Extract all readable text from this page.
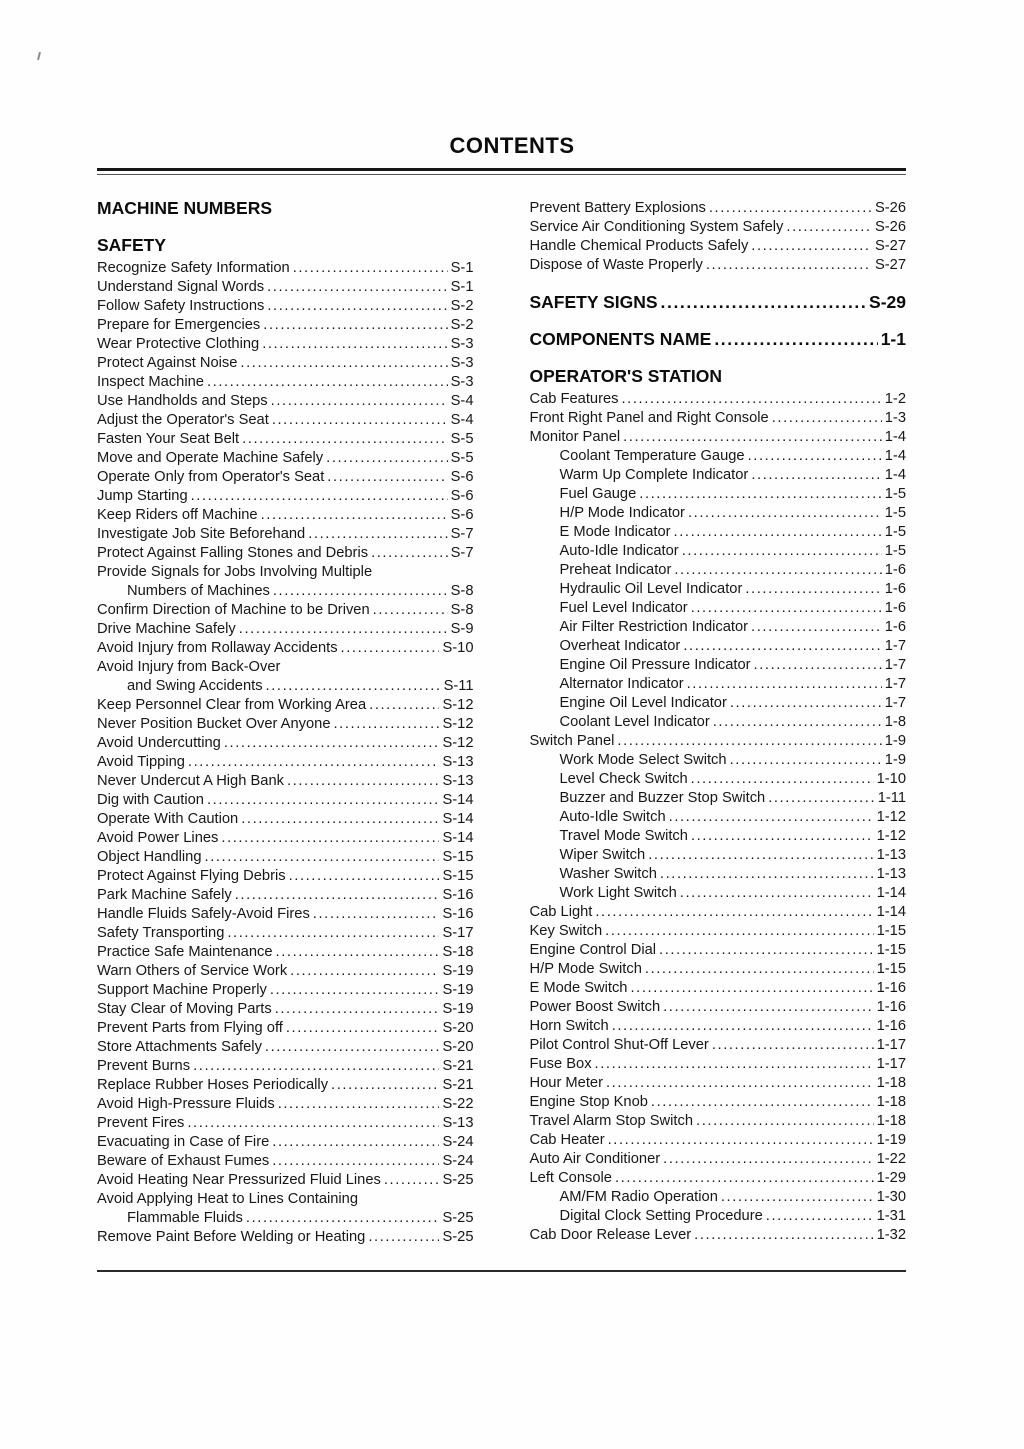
CONTENTS
MACHINE NUMBERS
SAFETY
Recognize Safety Information .....	S-1
Understand Signal Words .....	S-1
Follow Safety Instructions .....	S-2
Prepare for Emergencies .....	S-2
Wear Protective Clothing .....	S-3
Protect Against Noise .....	S-3
Inspect Machine .....	S-3
Use Handholds and Steps .....	S-4
Adjust the Operator's Seat .....	S-4
Fasten Your Seat Belt .....	S-5
Move and Operate Machine Safely .....	S-5
Operate Only from Operator's Seat .....	S-6
Jump Starting .....	S-6
Keep Riders off Machine .....	S-6
Investigate Job Site Beforehand .....	S-7
Protect Against Falling Stones and Debris .....	S-7
Provide Signals for Jobs Involving Multiple
Numbers of Machines .....	S-8
Confirm Direction of Machine to be Driven .....	S-8
Drive Machine Safely .....	S-9
Avoid Injury from Rollaway Accidents .....	S-10
Avoid Injury from Back-Over
and Swing Accidents .....	S-11
Keep Personnel Clear from Working Area .....	S-12
Never Position Bucket Over Anyone .....	S-12
Avoid Undercutting .....	S-12
Avoid Tipping .....	S-13
Never Undercut A High Bank .....	S-13
Dig with Caution .....	S-14
Operate With Caution .....	S-14
Avoid Power Lines .....	S-14
Object Handling .....	S-15
Protect Against Flying Debris .....	S-15
Park Machine Safely .....	S-16
Handle Fluids Safely-Avoid Fires .....	S-16
Safety Transporting .....	S-17
Practice Safe Maintenance .....	S-18
Warn Others of Service Work .....	S-19
Support Machine Properly .....	S-19
Stay Clear of Moving Parts .....	S-19
Prevent Parts from Flying off .....	S-20
Store Attachments Safely .....	S-20
Prevent Burns .....	S-21
Replace Rubber Hoses Periodically .....	S-21
Avoid High-Pressure Fluids .....	S-22
Prevent Fires .....	S-13
Evacuating in Case of Fire .....	S-24
Beware of Exhaust Fumes .....	S-24
Avoid Heating Near Pressurized Fluid Lines .....	S-25
Avoid Applying Heat to Lines Containing
Flammable Fluids .....	S-25
Remove Paint Before Welding or Heating .....	S-25
Prevent Battery Explosions .....	S-26
Service Air Conditioning System Safely .....	S-26
Handle Chemical Products Safely .....	S-27
Dispose of Waste Properly .....	S-27
SAFETY SIGNS .....	S-29
COMPONENTS NAME .....	1-1
OPERATOR'S STATION
Cab Features .....	1-2
Front Right Panel and Right Console .....	1-3
Monitor Panel .....	1-4
Coolant Temperature Gauge .....	1-4
Warm Up Complete Indicator .....	1-4
Fuel Gauge .....	1-5
H/P Mode Indicator .....	1-5
E Mode Indicator .....	1-5
Auto-Idle Indicator .....	1-5
Preheat Indicator .....	1-6
Hydraulic Oil Level Indicator .....	1-6
Fuel Level Indicator .....	1-6
Air Filter Restriction Indicator .....	1-6
Overheat Indicator .....	1-7
Engine Oil Pressure Indicator .....	1-7
Alternator Indicator .....	1-7
Engine Oil Level Indicator .....	1-7
Coolant Level Indicator .....	1-8
Switch Panel .....	1-9
Work Mode Select Switch .....	1-9
Level Check Switch .....	1-10
Buzzer and Buzzer Stop Switch .....	1-11
Auto-Idle Switch .....	1-12
Travel Mode Switch .....	1-12
Wiper Switch .....	1-13
Washer Switch .....	1-13
Work Light Switch .....	1-14
Cab Light .....	1-14
Key Switch .....	1-15
Engine Control Dial .....	1-15
H/P Mode Switch .....	1-15
E Mode Switch .....	1-16
Power Boost Switch .....	1-16
Horn Switch .....	1-16
Pilot Control Shut-Off Lever .....	1-17
Fuse Box .....	1-17
Hour Meter .....	1-18
Engine Stop Knob .....	1-18
Travel Alarm Stop Switch .....	1-18
Cab Heater .....	1-19
Auto Air Conditioner .....	1-22
Left Console .....	1-29
AM/FM Radio Operation .....	1-30
Digital Clock Setting Procedure .....	1-31
Cab Door Release Lever .....	1-32
